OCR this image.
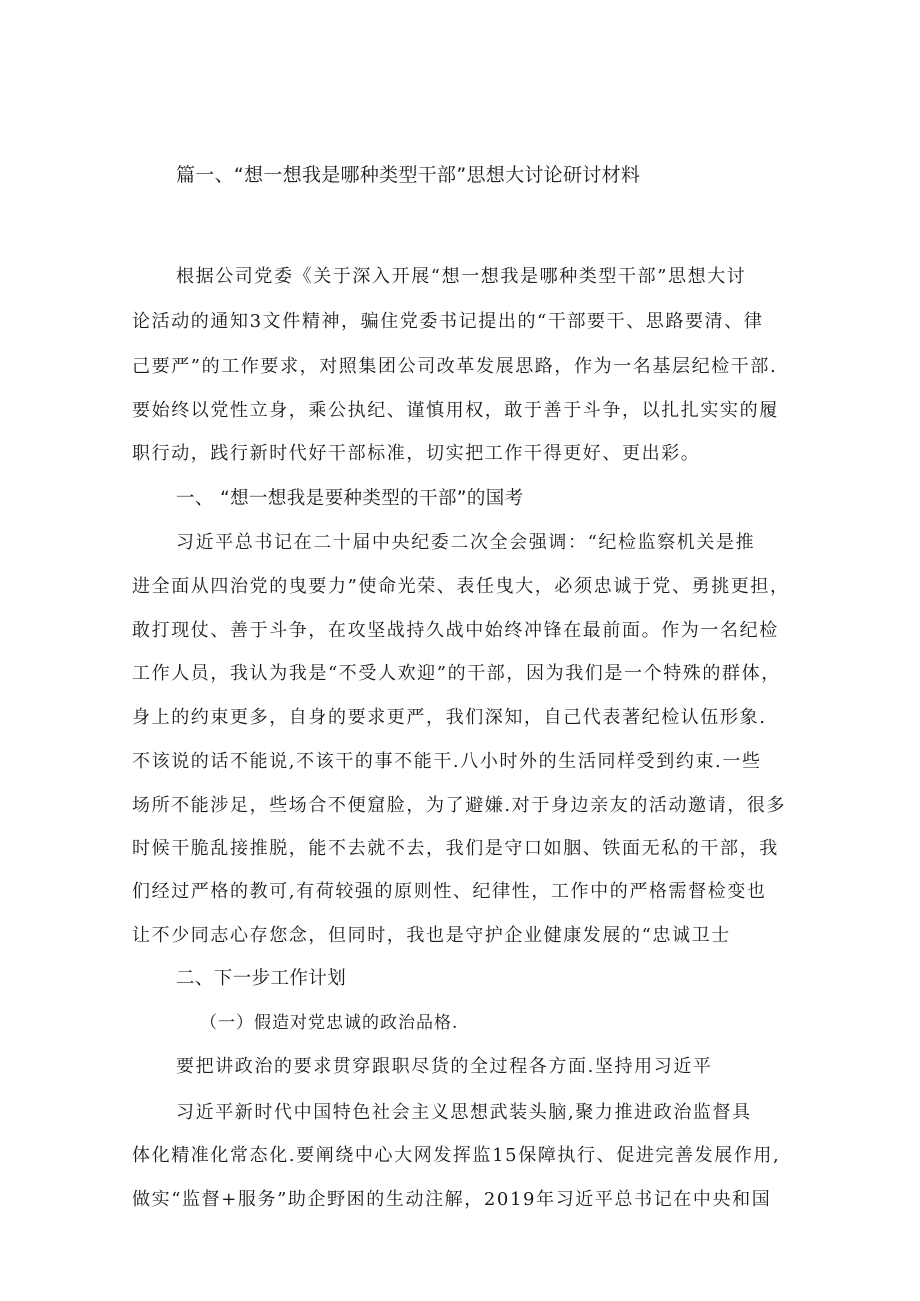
篇一、“想一想我是哪种类型干部”思想大讨论研讨材料
根据公司党委《关于深入开展“想一想我是哪种类型干部”思想大讨
论活动的通知3文件精神，骗住党委书记提出的“干部要干、思路要清、律
己要严”的工作要求，对照集团公司改革发展思路，作为一名基层纪检干部.
要始终以党性立身，乘公执纪、谨慎用权，敢于善于斗争，以扎扎实实的履
职行动，践行新时代好干部标准，切实把工作干得更好、更出彩。
一、 “想一想我是要种类型的干部”的国考
习近平总书记在二十届中央纪委二次全会强调：“纪检监察机关是推
进全面从四治党的曳要力”使命光荣、表任曳大，必须忠诚于党、勇挑更担，
敢打现仗、善于斗争，在攻坚战持久战中始终冲锋在最前面。作为一名纪检
工作人员，我认为我是“不受人欢迎”的干部，因为我们是一个特殊的群体，
身上的约束更多，自身的要求更严，我们深知，自己代表著纪检认伍形象.
不该说的话不能说,不该干的事不能干.八小时外的生活同样受到约束.一些
场所不能涉足，些场合不便窟脸，为了避嫌.对于身边亲友的活动邀请，很多
时候干脆乱接推脱，能不去就不去，我们是守口如胭、铁面无私的干部，我
们经过严格的教可,有荷较强的原则性、纪律性，工作中的严格需督检变也
让不少同志心存您念，但同时，我也是守护企业健康发展的“忠诚卫士
二、下一步工作计划
（一）假造对党忠诚的政治品格.
要把讲政治的要求贯穿跟职尽货的全过程各方面.坚持用习近平
习近平新时代中国特色社会主义思想武装头脑,聚力推进政治监督具
体化精准化常态化.要阐绕中心大网发挥监15保障执行、促进完善发展作用,
做实“监督+服务”助企野困的生动注解，2019年习近平总书记在中央和国
